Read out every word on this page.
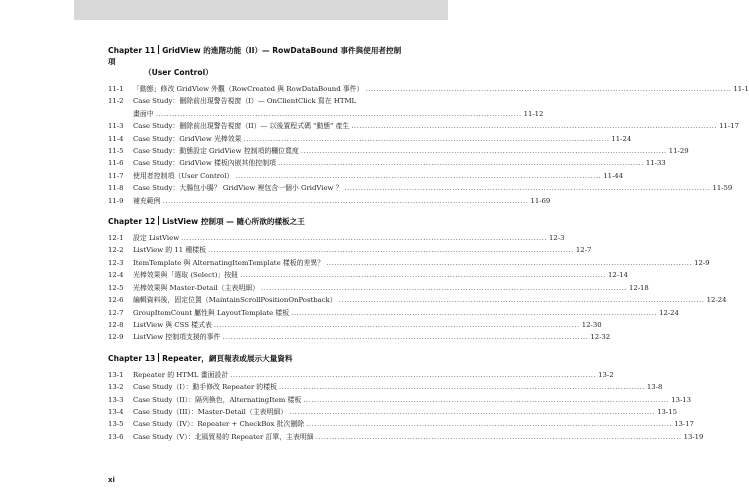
Chapter 11 GridView 的進階功能（II）— RowDataBound 事件與使用者控制項
（User Control）
11-1	「動態」修改 GridView 外觀（RowCreated 與 RowDataBound 事件） ........................................................................................................................................ 11-1
11-2	Case Study：刪除前出現警告視窗（I）— OnClientClick 寫在 HTML
畫面中 ........................................................................................................................................ 11-12
11-3	Case Study：刪除前出現警告視窗（II）— 以後置程式碼 "動態" 產生 ........................................................................................................................................ 11-17
11-4	Case Study：GridView 光棒效果 ........................................................................................................................................ 11-24
11-5	Case Study：動態設定 GridView 控制項的欄位寬度 ........................................................................................................................................ 11-29
11-6	Case Study：GridView 樣板內嵌其他控制項 ........................................................................................................................................ 11-33
11-7	使用者控制項（User Control） ........................................................................................................................................ 11-44
11-8	Case Study：大腸包小腸？ GridView 裡包含一個小 GridView ？ ........................................................................................................................................ 11-59
11-9	補充範例 ........................................................................................................................................ 11-69
Chapter 12 ListView 控制項 — 隨心所欲的樣板之王
12-1	設定 ListView ........................................................................................................................................ 12-3
12-2	ListView 的 11 種樣板 ........................................................................................................................................ 12-7
12-3	ItemTemplate 與 AlternatingItemTemplate 樣板的差異？ ........................................................................................................................................ 12-9
12-4	光棒效果與「選取 (Select)」按鈕 ........................................................................................................................................ 12-14
12-5	光棒效果與 Master-Detail（主表明細） ........................................................................................................................................ 12-18
12-6	編輯資料後，固定位置（MaintainScrollPositionOnPostback） ........................................................................................................................................ 12-24
12-7	GroupItemCount 屬性與 LayoutTemplate 樣板 ........................................................................................................................................ 12-24
12-8	ListView 與 CSS 樣式表 ........................................................................................................................................ 12-30
12-9	ListView 控制項支援的事件 ........................................................................................................................................ 12-32
Chapter 13 Repeater，網頁報表或展示大量資料
13-1	Repeater 的 HTML 畫面設計 ........................................................................................................................................ 13-2
13-2	Case Study（I）：動手修改 Repeater 的樣板 ........................................................................................................................................ 13-8
13-3	Case Study（II）：隔列換色，AlternatingItem 樣板 ........................................................................................................................................ 13-13
13-4	Case Study（III）：Master-Detail（主表明細） ........................................................................................................................................ 13-15
13-5	Case Study（IV）：Repeater + CheckBox 批次刪除 ........................................................................................................................................ 13-17
13-6	Case Study（V）：北風貿易的 Repeater 訂單，主表明細 ........................................................................................................................................ 13-19
xi
